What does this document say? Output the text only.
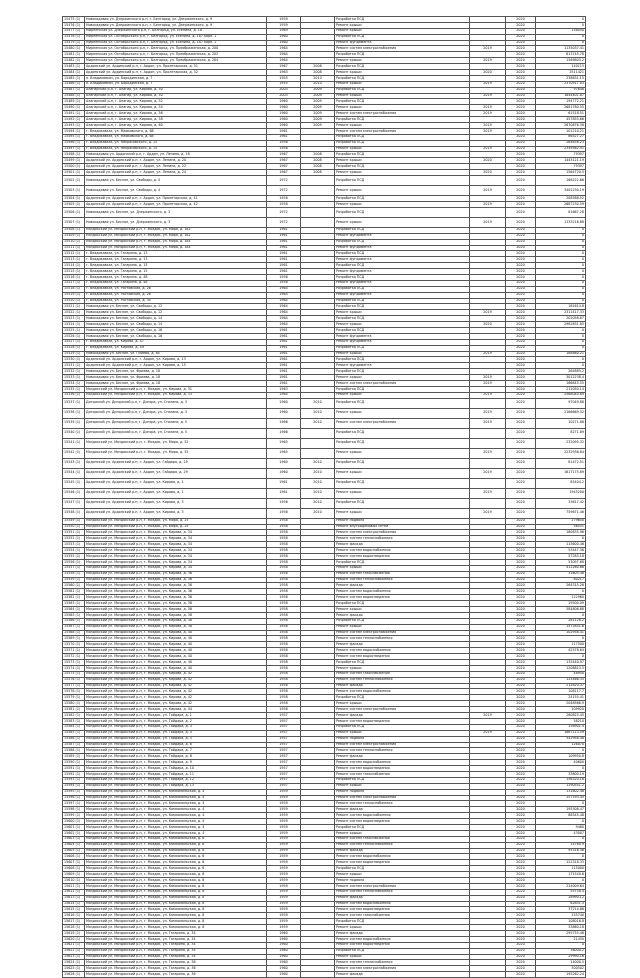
15475 (1)	Новосадовая ул. Дзержинского р-н, г. Белгород, ул. Дзержинского, д. 9	1959		Разработка ПСД		2020	0
15476 (1)	Новосадовая ул. Дзержинского р-н, г. Белгород, ул. Дзержинского, д. 9	1959		Ремонт крыши		2020	0
15477 (1)	Мирненская ул. Дзержинского р-н, г. Белгород, ул. Есенина, д. 18	1969		Ремонт крыши		2020	158050
15478 (1)	Мирненская ул. Октябрьского р-н, г. Белгород, ул. Есенина, д. 187 корп. 1	1960		Разработка ПСД		2020	0
15479 (1)	Мирненская ул. Октябрьского р-н, г. Белгород, ул. Есенина, д. 187 корп. 2	1960		Ремонт фундамента		2020	0
15480 (1)	Мирненская ул. Октябрьского р-н, г. Белгород, ул. Преображенская, д. 200	1964		Ремонт систем электроснабжения	2019	2020	1135037.41
15481 (1)	Мирненская ул. Октябрьского р-н, г. Белгород, ул. Преображенская, д. 202	1964		Разработка ПСД		2020	813745.78
15482 (1)	Мирненская ул. Октябрьского р-н, г. Белгород, ул. Преображенская, д. 204	1964		Ремонт крыши	2019	2020	1569803.2
15483 (1)	Ардинский ул. Ардинский р-н, г. Ардон, ул. Пролетарская, д. 51	1967	2008	Разработка ПСД		2020	140115
15484 (1)	Ардинский ул. Ардинский р-н, г. Ардон, ул. Пролетарская, д. 52	1963	2008	Ремонт крыши	2020	2020	2511421
15485 (1)	п. Владикавказ, ул. Бородинская, д. 7	1955	2010	Разработка ПСД		2020	238631.15
15486 (1)	п. Владикавказ, ул. Бородинская, д. 7	1955	2010	Ремонт крыши	2019	2020	2370917.03
15487 (1)	Алагирский р-н, г. Алагир, ул. Кирова, д. 50	2003	2009	Разработка ПСД		2020	97648
15488 (1)	Алагирский р-н, г. Алагир, ул. Кирова, д. 50	2003	2009	Ремонт крыши	2019	2020	1844401.87
15489 (1)	Алагирский р-н, г. Алагир, ул. Кирова, д. 52	1960	2009	Разработка ПСД		2020	194772.21
15490 (1)	Алагирский р-н, г. Алагир, ул. Кирова, д. 54	1960	2009	Ремонт крыши	2019	2020	2681780.55
15491 (1)	Алагирский р-н, г. Алагир, ул. Кирова, д. 56	1960	2009	Ремонт систем электроснабжения	2019	2020	61518.51
15492 (1)	Алагирский р-н, г. Алагир, ул. Кирова, д. 58	1960	2009	Разработка ПСД		2020	457855.66
15493 (1)	Алагирский р-н, г. Алагир, ул. Кирова, д. 60	1960	2009	Ремонт крыши	2019	2020	2670876.38
15494 (1)	г. Владикавказ, ул. Маяковского, д. 68	1961		Ремонт систем электроснабжения	2019	2020	101210.21
15495 (1)	г. Владикавказ, ул. Маяковского, д. 68	1961		Разработка ПСД		2020	86527.27
15496 (1)	г. Владикавказ, ул. Некрасовского, д. 15	1956		Разработка ПСД		2020	264858.23
15497 (1)	г. Владикавказ, ул. Некрасовского, д. 15	1956		Ремонт крыши	2019	2020	2349562.51
15498 (1)	Новосадовая ул. Ардонский р-н, г. Ардон, ул. Ленина, д. 18	1967	2008	Разработка ПСД		2020	79397
15499 (1)	Ардонский ул. Ардонский р-н, г. Ардон, ул. Ленина, д. 20	1967	2008	Ремонт крыши	2020	2020	1443121.19
15500 (1)	Ардонский ул. Ардонский р-н, г. Ардон, ул. Ленина, д. 22	1967	2008	Разработка ПСД		2020	79397
15501 (1)	Ардонский ул. Ардонский р-н, г. Ардон, ул. Ленина, д. 24	1967	2008	Ремонт крыши	2020	2020	1564720.5
15502 (1)	Новосадовая ул. Беслан, ул. Свободы, д. 4	1972		Разработка ПСД		2020	168222.66
15503 (1)	Новосадовая ул. Беслан, ул. Свободы, д. 4	1972		Ремонт крыши	2019	2020	3402230.19
15504 (1)	Ардонский ул. Ардонский р-н, г. Ардон, ул. Пролетарская, д. 41	1958		Разработка ПСД		2020	208588.52
15505 (1)	Ардонский ул. Ардонский р-н, г. Ардон, ул. Пролетарская, д. 42	1958		Ремонт крыши	2019	2020	2687230.59
15506 (1)	Новосадовая ул. Беслан, ул. Дзержинского, д. 3	1972		Разработка ПСД		2020	81667.28
15507 (1)	Новосадовая ул. Беслан, ул. Дзержинского, д. 3	1972		Ремонт крыши	2019	2020	1133216.88
15508 (1)	Моздокский ул. Моздокский р-н, г. Моздок, ул. Мира, д. 182	1961		Разработка ПСД		2020	0
15509 (1)	Моздокский ул. Моздокский р-н, г. Моздок, ул. Мира, д. 182	1961		Ремонт фундамента		2020	0
15510 (1)	Моздокский ул. Моздокский р-н, г. Моздок, ул. Мира, д. 184	1961		Разработка ПСД		2020	0
15511 (1)	Моздокский ул. Моздокский р-н, г. Моздок, ул. Мира, д. 184	1961		Ремонт фундамента		2020	0
15512 (1)	г. Владикавказ, ул. Гагарина, д. 13	1961		Разработка ПСД		2020	0
15513 (1)	г. Владикавказ, ул. Гагарина, д. 13	1961		Ремонт фундамента		2020	0
15514 (1)	г. Владикавказ, ул. Гагарина, д. 15	1961		Разработка ПСД		2020	0
15515 (1)	г. Владикавказ, ул. Гагарина, д. 15	1961		Ремонт фундамента		2020	0
15516 (1)	г. Владикавказ, ул. Гагарина, д. 48	1956		Разработка ПСД		2020	0
15517 (1)	г. Владикавказ, ул. Гагарина, д. 48	1956		Ремонт фундамента		2020	0
15518 (1)	г. Владикавказ, ул. Ростовская, д. 26	1964		Разработка ПСД		2020	0
15519 (1)	г. Владикавказ, ул. Ростовская, д. 26	1964		Ремонт фундамента		2020	0
15520 (1)	г. Владикавказ, ул. Ростовская, д. 34	1964		Разработка ПСД		2020	0
15521 (1)	Новосадовая ул. Беслан, ул. Свободы, д. 12	1964		Разработка ПСД		2020	181614.8
15522 (1)	Новосадовая ул. Беслан, ул. Свободы, д. 12	1964		Ремонт крыши	2019	2020	2311417.33
15523 (1)	Новосадовая ул. Беслан, ул. Свободы, д. 14	1964		Разработка ПСД		2020	202058.87
15524 (1)	Новосадовая ул. Беслан, ул. Свободы, д. 14	1964		Ремонт крыши	2020	2020	2982831.85
15525 (1)	Новосадовая ул. Беслан, ул. Свободы, д. 16	1961		Разработка ПСД		2020	0
15526 (1)	Новосадовая ул. Беслан, ул. Свободы, д. 16	1961		Ремонт фундамента		2020	0
15527 (1)	г. Владикавказ, ул. Кирова, д. 47	1961		Ремонт фундамента		2020	0
15528 (1)	г. Владикавказ, ул. Кирова, д. 49	1961		Разработка ПСД		2020	0
15529 (1)	Новосадовая ул. Беслан, ул. Плиева, д. 84	1961		Ремонт крыши	2019	2020	188860.21
15530 (1)	Ардонский ул. Ардонский р-н, г. Ардон, ул. Кирова, д. 13	1961		Разработка ПСД		2020	0
15531 (1)	Ардонский ул. Ардонский р-н, г. Ардон, ул. Кирова, д. 15	1961		Ремонт фундамента		2020	0
15532 (1)	Новосадовая ул. Беслан, ул. Фриева, д. 18	1961		Разработка ПСД		2020	264885.2
15533 (1)	Новосадовая ул. Беслан, ул. Фриева, д. 18	1961		Ремонт крыши	2019	2020	3012238.4
15534 (1)	Новосадовая ул. Беслан, ул. Фриева, д. 18	1961		Ремонт систем электроснабжения	2019	2020	166845.55
15535 (1)	Моздокский ул. Моздокский р-н, г. Моздок, ул. Кирова, д. 31	1963		Разработка ПСД		2020	212050.14
15536 (1)	Моздокский ул. Моздокский р-н, г. Моздок, ул. Кирова, д. 33	1964		Ремонт крыши	2019	2020	2568040.89
15537 (1)	Дигорский ул. Дигорский р-н, г. Дигора, ул. Сталина, д. 3	1960	2010	Разработка ПСД		2020	97049.88
15538 (1)	Дигорский ул. Дигорский р-н, г. Дигора, ул. Сталина, д. 3	1960	2010	Ремонт крыши	2019	2020	2166669.32
15539 (1)	Дигорский ул. Дигорский р-н, г. Дигора, ул. Сталина, д. 5	1966	2010	Ремонт систем электроснабжения	2019	2020	10271.88
15540 (1)	Дигорский ул. Дигорский р-н, г. Дигора, ул. Сталина, д. 5	1966		Разработка ПСД		2020	8271.89
15541 (1)	Моздокский ул. Моздокский р-н, г. Моздок, ул. Мира, д. 52	1965		Разработка ПСД		2020	232095.32
15542 (1)	Моздокский ул. Моздокский р-н, г. Моздок, ул. Мира, д. 52	1965		Ремонт крыши	2019	2020	2232936.84
15543 (1)	Ардонский ул. Ардонский р-н, г. Ардон, ул. Гайдара, д. 29	1960	2010	Разработка ПСД		2020	81472.51
15544 (1)	Ардонский ул. Ардонский р-н, г. Ардон, ул. Гайдара, д. 29	1960	2010	Ремонт крыши	2019	2020	1617175.89
15545 (1)	Ардонский ул. Ардонский р-н, г. Ардон, ул. Кирова, д. 1	1961	2010	Разработка ПСД		2020	85404.2
15546 (1)	Ардонский ул. Ардонский р-н, г. Ардон, ул. Кирова, д. 1	1961	2010	Ремонт крыши	2019	2020	1945200
15547 (1)	Ардонский ул. Ардонский р-н, г. Ардон, ул. Кирова, д. 3	1956	2010	Разработка ПСД		2020	33617.42
15548 (1)	Ардонский ул. Ардонский р-н, г. Ардон, ул. Кирова, д. 3	1956	2010	Ремонт крыши	2019	2020	759671.46
15549 (1)	Моздокский ул. Моздокский р-н, г. Моздок, ул. Мира, д. 25	1958		Ремонт подвала		2020	279650
15550 (1)	Моздокский ул. Моздокский р-н, г. Моздок, ул. Мира, д. 25	1958		Ремонт внутридомовых сетей		2020	56551
15551 (1)	Моздокский ул. Моздокский р-н, г. Моздок, ул. Кирова, д. 34	1958		Ремонт систем электроснабжения		2020	180835.96
15552 (1)	Моздокский ул. Моздокский р-н, г. Моздок, ул. Кирова, д. 34	1958		Ремонт систем теплоснабжения		2020	0
15553 (1)	Моздокский ул. Моздокский р-н, г. Моздок, ул. Кирова, д. 34	1958		Ремонт фасада		2020	115600.46
15554 (1)	Моздокский ул. Моздокский р-н, г. Моздок, ул. Кирова, д. 34	1958		Ремонт систем водоснабжения		2020	53447.36
15555 (1)	Моздокский ул. Моздокский р-н, г. Моздок, ул. Кирова, д. 34	1958		Ремонт систем водоотведения		2020	57283.18
15556 (1)	Моздокский ул. Моздокский р-н, г. Моздок, ул. Кирова, д. 34	1958		Разработка ПСД		2020	53097.68
15557 (1)	Моздокский ул. Моздокский р-н, г. Моздок, ул. Кирова, д. 34	1958		Ремонт крыши		2020	412260.66
15558 (1)	Моздокский ул. Моздокский р-н, г. Моздок, ул. Кирова, д. 36	1958		Ремонт систем газоснабжения		2020	31605.48
15559 (1)	Моздокский ул. Моздокский р-н, г. Моздок, ул. Кирова, д. 36	1958		Ремонт систем теплоснабжения		2020	80217
15560 (1)	Моздокский ул. Моздокский р-н, г. Моздок, ул. Кирова, д. 36	1958		Ремонт фасада		2020	264315.26
15561 (1)	Моздокский ул. Моздокский р-н, г. Моздок, ул. Кирова, д. 36	1958		Ремонт систем водоснабжения		2020	0
15562 (1)	Моздокский ул. Моздокский р-н, г. Моздок, ул. Кирова, д. 36	1958		Ремонт систем водоотведения		2020	122960
15563 (1)	Моздокский ул. Моздокский р-н, г. Моздок, ул. Кирова, д. 36	1958		Разработка ПСД		2020	19500.09
15564 (1)	Моздокский ул. Моздокский р-н, г. Моздок, ул. Кирова, д. 36	1958		Ремонт крыши		2020	584806.88
15565 (1)	Моздокский ул. Моздокский р-н, г. Моздок, ул. Кирова, д. 38	1958		Ремонт фасада		2020	0
15566 (1)	Моздокский ул. Моздокский р-н, г. Моздок, ул. Кирова, д. 38	1958		Разработка ПСД		2020	281128.2
15567 (1)	Моздокский ул. Моздокский р-н, г. Моздок, ул. Кирова, д. 38	1958		Ремонт крыши		2020	1472851.6
15568 (1)	Моздокский ул. Моздокский р-н, г. Моздок, ул. Кирова, д. 40	1958		Ремонт систем электроснабжения		2020	102958.41
15569 (1)	Моздокский ул. Моздокский р-н, г. Моздок, ул. Кирова, д. 40	1958		Ремонт систем теплоснабжения		2020	0
15570 (1)	Моздокский ул. Моздокский р-н, г. Моздок, ул. Кирова, д. 40	1958		Ремонт фасада		2020	117500
15571 (1)	Моздокский ул. Моздокский р-н, г. Моздок, ул. Кирова, д. 40	1958		Ремонт систем водоснабжения		2020	42578.64
15572 (1)	Моздокский ул. Моздокский р-н, г. Моздок, ул. Кирова, д. 40	1958		Ремонт систем водоотведения		2020	0
15573 (1)	Моздокский ул. Моздокский р-н, г. Моздок, ул. Кирова, д. 40	1958		Разработка ПСД		2020	135440.97
15574 (1)	Моздокский ул. Моздокский р-н, г. Моздок, ул. Кирова, д. 40	1958		Ремонт крыши		2020	1208813.5
15575 (1)	Моздокский ул. Моздокский р-н, г. Моздок, ул. Кирова, д. 42	1958		Ремонт систем газоснабжения		2020	48950
15576 (1)	Моздокский ул. Моздокский р-н, г. Моздок, ул. Кирова, д. 42	1958		Ремонт систем теплоснабжения		2020	125466.35
15577 (1)	Моздокский ул. Моздокский р-н, г. Моздок, ул. Кирова, д. 42	1958		Ремонт фасада		2020	212820.37
15578 (1)	Моздокский ул. Моздокский р-н, г. Моздок, ул. Кирова, д. 42	1958		Ремонт систем водоснабжения		2020	108117.7
15579 (1)	Моздокский ул. Моздокский р-н, г. Моздок, ул. Кирова, д. 42	1958		Разработка ПСД		2020	24155.41
15580 (1)	Моздокский ул. Моздокский р-н, г. Моздок, ул. Кирова, д. 42	1958		Ремонт крыши		2020	2048566.9
15581 (1)	Моздокский ул. Моздокский р-н, г. Моздок, ул. Кирова, д. 44	1958		Ремонт систем электроснабжения		2020	109920
15582 (1)	Моздокский ул. Моздокский р-н, г. Моздок, ул. Гайдара, д. 1	1957		Ремонт фасада	2019	2020	280825.45
15583 (1)	Моздокский ул. Моздокский р-н, г. Моздок, ул. Гайдара, д. 2	1957		Ремонт систем водоотведения		2020	58210
15584 (1)	Моздокский ул. Моздокский р-н, г. Моздок, ул. Гайдара, д. 3	1957		Разработка ПСД		2020	158901.4
15585 (1)	Моздокский ул. Моздокский р-н, г. Моздок, ул. Гайдара, д. 4	1957		Ремонт крыши	2019	2020	1867113.59
15586 (1)	Моздокский ул. Моздокский р-н, г. Моздок, ул. Гайдара, д. 5	1957		Ремонт подвала		2020	342958.48
15587 (1)	Моздокский ул. Моздокский р-н, г. Моздок, ул. Гайдара, д. 6	1957		Ремонт систем электроснабжения		2020	126070
15588 (1)	Моздокский ул. Моздокский р-н, г. Моздок, ул. Гайдара, д. 7	1957		Ремонт систем теплоснабжения		2020	0
15589 (1)	Моздокский ул. Моздокский р-н, г. Моздок, ул. Гайдара, д. 8	1957		Ремонт фасада		2020	109950.8
15590 (1)	Моздокский ул. Моздокский р-н, г. Моздок, ул. Гайдара, д. 9	1957		Ремонт систем водоснабжения		2020	40600
15591 (1)	Моздокский ул. Моздокский р-н, г. Моздок, ул. Гайдара, д. 10	1957		Ремонт систем водоотведения		2020	0
15592 (1)	Моздокский ул. Моздокский р-н, г. Моздок, ул. Гайдара, д. 11	1957		Ремонт систем газоснабжения		2020	33800.19
15593 (1)	Моздокский ул. Моздокский р-н, г. Моздок, ул. Гайдара, д. 12	1957		Разработка ПСД		2020	156320.18
15594 (1)	Моздокский ул. Моздокский р-н, г. Моздок, ул. Гайдара, д. 13	1957		Ремонт крыши		2020	1290541.2
15595 (1)	Моздокский ул. Моздокский р-н, г. Моздок, ул. Комсомольская, д. 4	1959		Ремонт подвала		2020	131602.48
15596 (1)	Моздокский ул. Моздокский р-н, г. Моздок, ул. Комсомольская, д. 4	1959		Ремонт систем электроснабжения		2020	157193.45
15597 (1)	Моздокский ул. Моздокский р-н, г. Моздок, ул. Комсомольская, д. 4	1959		Ремонт систем теплоснабжения		2020	0
15598 (1)	Моздокский ул. Моздокский р-н, г. Моздок, ул. Комсомольская, д. 4	1959		Ремонт фасада		2020	195308.47
15599 (1)	Моздокский ул. Моздокский р-н, г. Моздок, ул. Комсомольская, д. 4	1959		Ремонт систем водоснабжения		2020	88545.48
15600 (1)	Моздокский ул. Моздокский р-н, г. Моздок, ул. Комсомольская, д. 4	1959		Ремонт систем водоотведения		2020	0
15601 (1)	Моздокский ул. Моздокский р-н, г. Моздок, ул. Комсомольская, д. 4	1959		Разработка ПСД		2020	9480
15602 (1)	Моздокский ул. Моздокский р-н, г. Моздок, ул. Комсомольская, д. 4	1959		Ремонт крыши		2020	43007
15603 (1)	Моздокский ул. Моздокский р-н, г. Моздок, ул. Комсомольская, д. 6	1959		Ремонт систем газоснабжения		2020	0
15604 (1)	Моздокский ул. Моздокский р-н, г. Моздок, ул. Комсомольская, д. 6	1959		Ремонт систем теплоснабжения		2020	14760.9
15605 (1)	Моздокский ул. Моздокский р-н, г. Моздок, ул. Комсомольская, д. 6	1959		Ремонт фасада		2020	95316.36
15606 (1)	Моздокский ул. Моздокский р-н, г. Моздок, ул. Комсомольская, д. 6	1959		Ремонт систем водоснабжения		2020	0
15607 (1)	Моздокский ул. Моздокский р-н, г. Моздок, ул. Комсомольская, д. 6	1959		Ремонт систем водоотведения		2020	122318.33
15608 (1)	Моздокский ул. Моздокский р-н, г. Моздок, ул. Комсомольская, д. 6	1959		Разработка ПСД		2020	115000
15609 (1)	Моздокский ул. Моздокский р-н, г. Моздок, ул. Комсомольская, д. 6	1959		Ремонт крыши		2020	171540.6
15610 (1)	Моздокский ул. Моздокский р-н, г. Моздок, ул. Комсомольская, д. 8	1959		Ремонт подвала		2020	0
15611 (1)	Моздокский ул. Моздокский р-н, г. Моздок, ул. Комсомольская, д. 8	1959		Ремонт систем электроснабжения		2020	214009.64
15612 (1)	Моздокский ул. Моздокский р-н, г. Моздок, ул. Комсомольская, д. 8	1959		Ремонт систем теплоснабжения		2020	55750.4
15613 (1)	Моздокский ул. Моздокский р-н, г. Моздок, ул. Комсомольская, д. 8	1959		Ремонт фасада		2020	28990.12
15614 (1)	Моздокский ул. Моздокский р-н, г. Моздок, ул. Комсомольская, д. 8	1959		Ремонт систем водоснабжения		2020	62851.3
15615 (1)	Моздокский ул. Моздокский р-н, г. Моздок, ул. Комсомольская, д. 8	1959		Ремонт систем водоотведения		2020	37214.86
15616 (1)	Моздокский ул. Моздокский р-н, г. Моздок, ул. Комсомольская, д. 8	1959		Ремонт систем газоснабжения		2020	155740
15617 (1)	Моздокский ул. Моздокский р-н, г. Моздок, ул. Комсомольская, д. 8	1959		Разработка ПСД		2020	108016.8
15618 (1)	Моздокский ул. Моздокский р-н, г. Моздок, ул. Комсомольская, д. 8	1959		Ремонт крыши		2020	33860.18
15619 (1)	Моздокский ул. Моздокский р-н, г. Моздок, ул. Гагарина, д. 34	1960		Ремонт фасада		2020	295755.46
15620 (1)	Моздокский ул. Моздокский р-н, г. Моздок, ул. Гагарина, д. 34	1960		Ремонт систем водоснабжения		2020	21430
15621 (1)	Моздокский ул. Моздокский р-н, г. Моздок, ул. Гагарина, д. 34	1960		Ремонт систем водоотведения		2020	0
15622 (1)	Моздокский ул. Моздокский р-н, г. Моздок, ул. Гагарина, д. 34	1960		Разработка ПСД		2020	36000.2
15623 (1)	Моздокский ул. Моздокский р-н, г. Моздок, ул. Гагарина, д. 34	1960		Ремонт крыши		2020	29990.16
15624 (1)	Моздокский ул. Моздокский р-н, г. Моздок, ул. Гагарина, д. 36	1960		Ремонт систем теплоснабжения		2020	14000.5
15625 (1)	Моздокский ул. Моздокский р-н, г. Моздок, ул. Гагарина, д. 36	1960		Ремонт систем электроснабжения		2020	300502
15626 (1)	Моздокский ул. Моздокский р-н, г. Моздок, ул. Гагарина, д. 36	1960		Ремонт фасада		2020	195262.24
